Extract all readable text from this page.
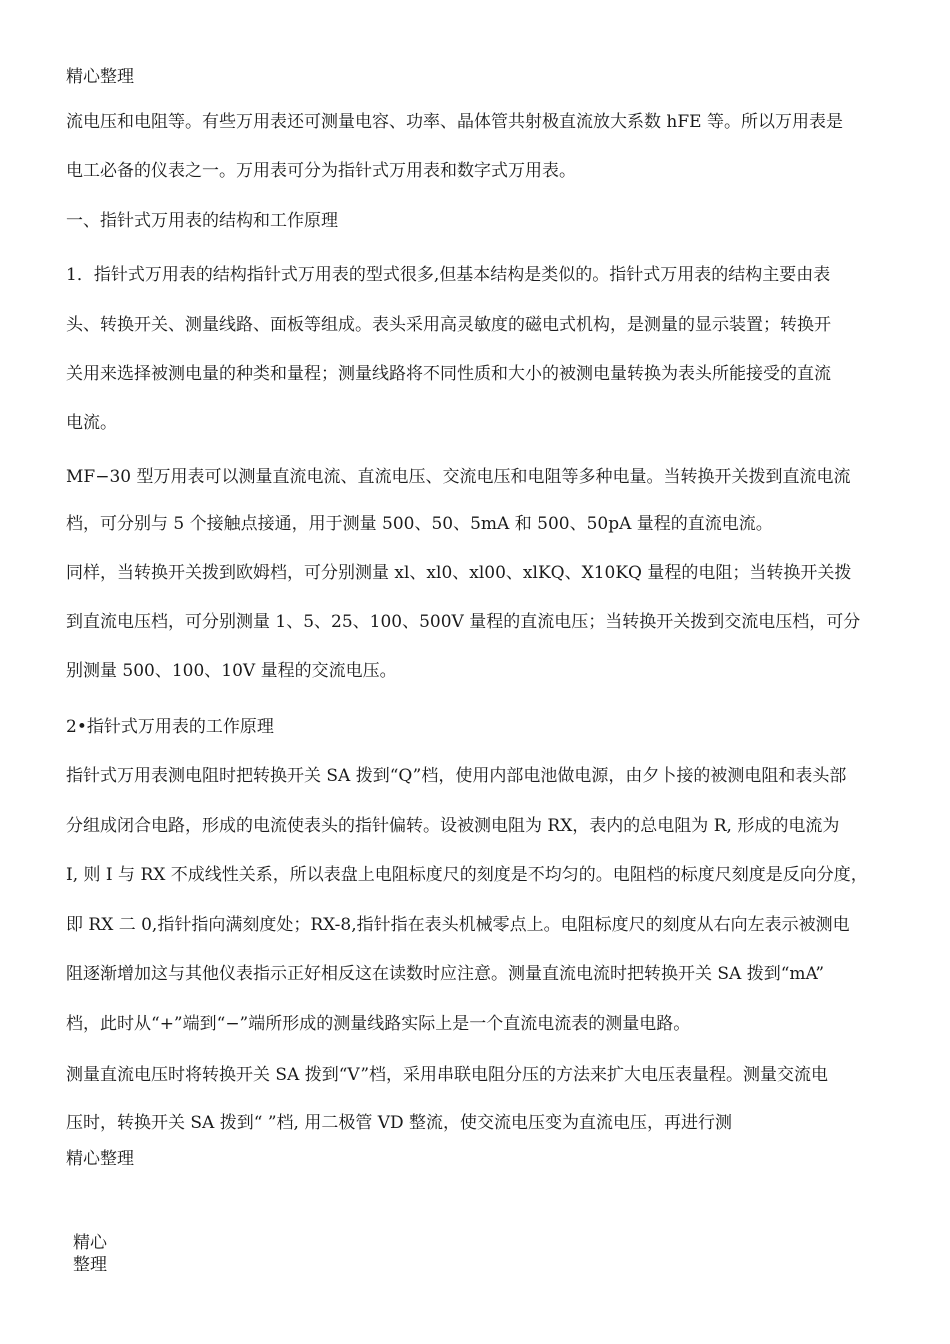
精心整理
流电压和电阻等。有些万用表还可测量电容、功率、晶体管共射极直流放大系数 hFE 等。所以万用表是
电工必备的仪表之一。万用表可分为指针式万用表和数字式万用表。
一、指针式万用表的结构和工作原理
1．指针式万用表的结构指针式万用表的型式很多,但基本结构是类似的。指针式万用表的结构主要由表
头、转换开关、测量线路、面板等组成。表头采用高灵敏度的磁电式机构，是测量的显示装置；转换开
关用来选择被测电量的种类和量程；测量线路将不同性质和大小的被测电量转换为表头所能接受的直流
电流。
MF−30 型万用表可以测量直流电流、直流电压、交流电压和电阻等多种电量。当转换开关拨到直流电流
档，可分别与 5 个接触点接通，用于测量 500、50、5mA 和 500、50pA 量程的直流电流。
同样，当转换开关拨到欧姆档，可分别测量 xl、xl0、xl00、xlKQ、X10KQ 量程的电阻；当转换开关拨
到直流电压档，可分别测量 1、5、25、100、500V 量程的直流电压；当转换开关拨到交流电压档，可分
别测量 500、100、10V 量程的交流电压。
2•指针式万用表的工作原理
指针式万用表测电阻时把转换开关 SA 拨到“Q”档，使用内部电池做电源，由夕卜接的被测电阻和表头部
分组成闭合电路，形成的电流使表头的指针偏转。设被测电阻为 RX，表内的总电阻为 R, 形成的电流为
I, 则 I 与 RX 不成线性关系，所以表盘上电阻标度尺的刻度是不均匀的。电阻档的标度尺刻度是反向分度，
即 RX 二 0,指针指向满刻度处；RX-8,指针指在表头机械零点上。电阻标度尺的刻度从右向左表示被测电
阻逐渐增加这与其他仪表指示正好相反这在读数时应注意。测量直流电流时把转换开关 SA 拨到“mA”
档，此时从“+”端到“−”端所形成的测量线路实际上是一个直流电流表的测量电路。
测量直流电压时将转换开关 SA 拨到“V”档，采用串联电阻分压的方法来扩大电压表量程。测量交流电
压时，转换开关 SA 拨到“ ”档, 用二极管 VD 整流，使交流电压变为直流电压，再进行测
精心整理
精心
整理
